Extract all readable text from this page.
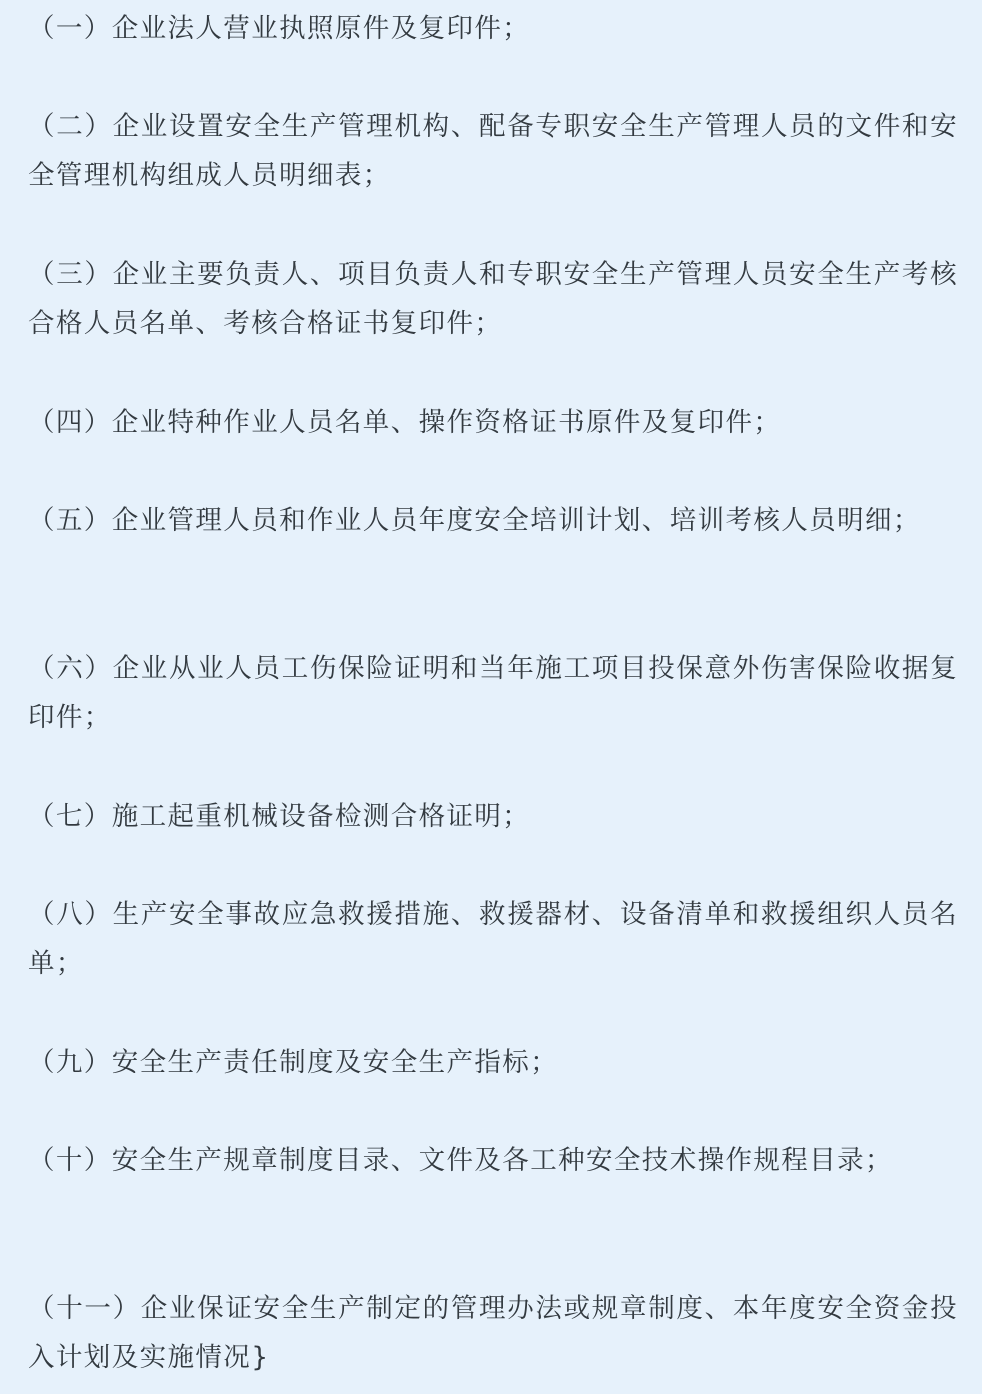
（一）企业法人营业执照原件及复印件；

（二）企业设置安全生产管理机构、配备专职安全生产管理人员的文件和安全管理机构组成人员明细表；

（三）企业主要负责人、项目负责人和专职安全生产管理人员安全生产考核合格人员名单、考核合格证书复印件；

（四）企业特种作业人员名单、操作资格证书原件及复印件；

（五）企业管理人员和作业人员年度安全培训计划、培训考核人员明细；

（六）企业从业人员工伤保险证明和当年施工项目投保意外伤害保险收据复印件；

（七）施工起重机械设备检测合格证明；

（八）生产安全事故应急救援措施、救援器材、设备清单和救援组织人员名单；

（九）安全生产责任制度及安全生产指标；

（十）安全生产规章制度目录、文件及各工种安全技术操作规程目录；

（十一）企业保证安全生产制定的管理办法或规章制度、本年度安全资金投入计划及实施情况}
